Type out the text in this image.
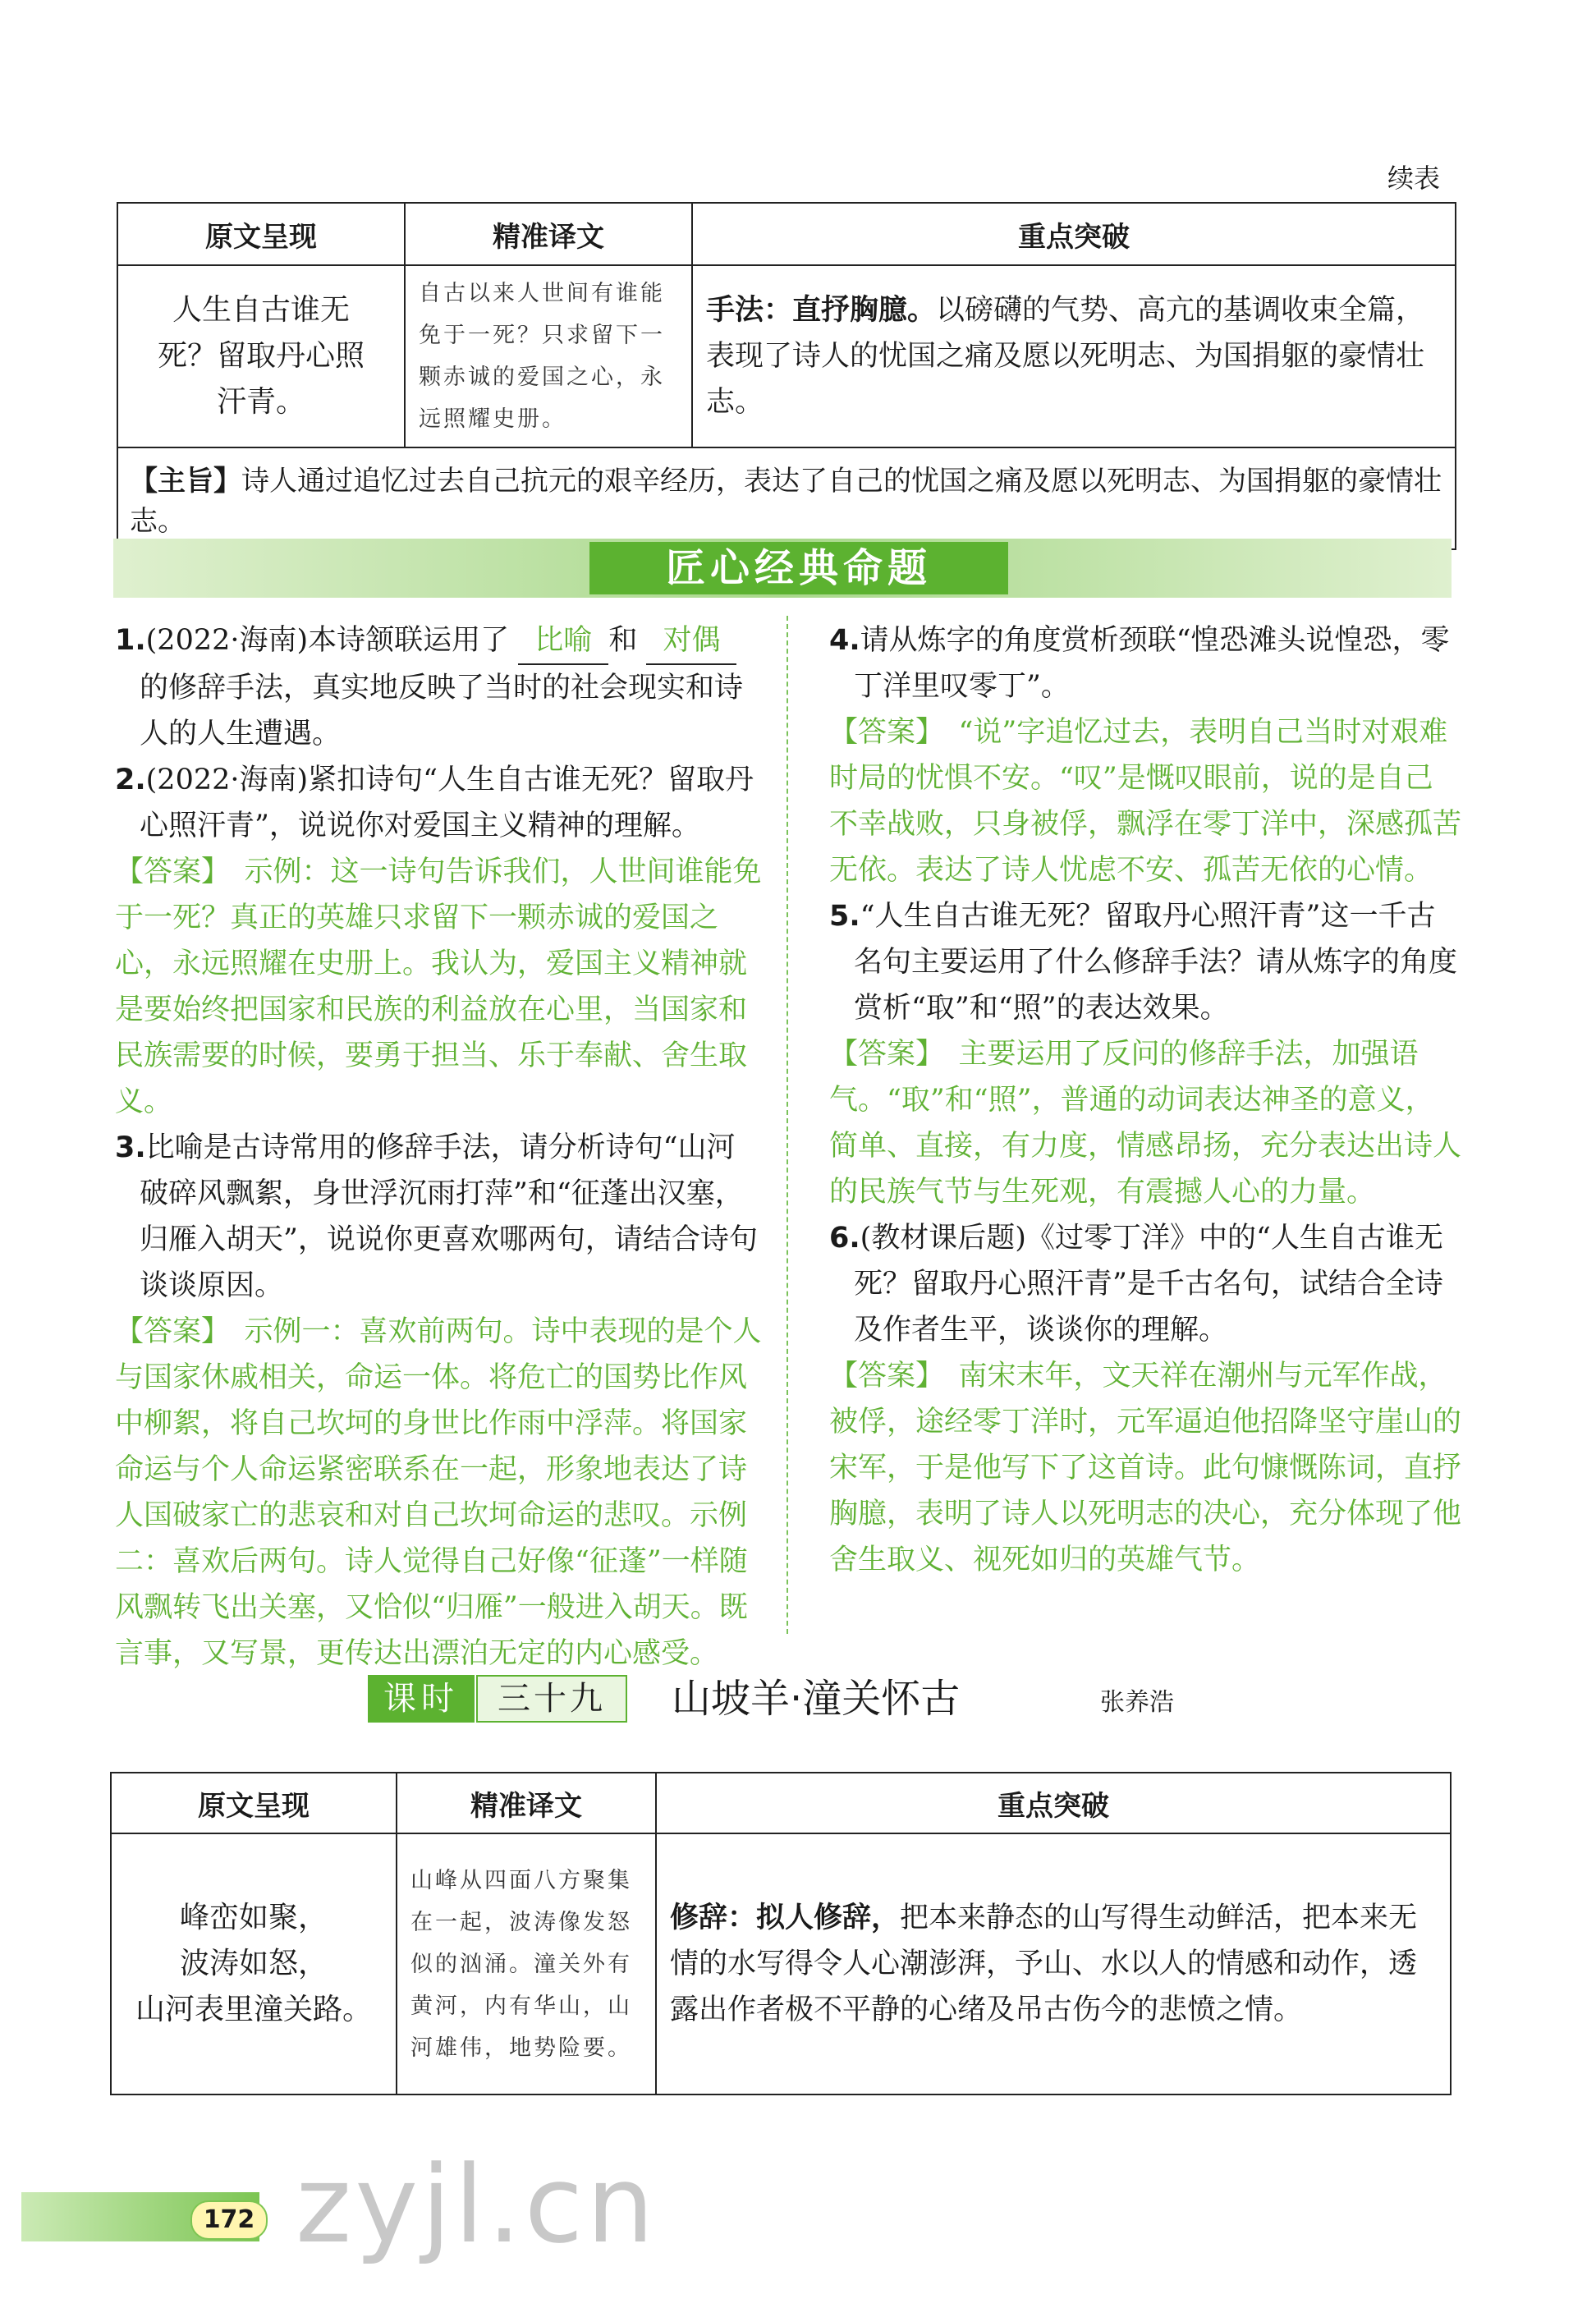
续表
原文呈现	精准译文	重点突破

人生自古谁无死？留取丹心照汗青。	自古以来人世间有谁能免于一死？只求留下一颗赤诚的爱国之心，永远照耀史册。	手法：直抒胸臆。以磅礴的气势、高亢的基调收束全篇，表现了诗人的忧国之痛及愿以死明志、为国捐躯的豪情壮志。
【主旨】诗人通过追忆过去自己抗元的艰辛经历，表达了自己的忧国之痛及愿以死明志、为国捐躯的豪情壮志。		
匠心经典命题

1.(2022·海南)本诗颔联运用了 比喻 和 对偶的修辞手法，真实地反映了当时的社会现实和诗人的人生遭遇。

2.(2022·海南)紧扣诗句“人生自古谁无死？留取丹心照汗青”，说说你对爱国主义精神的理解。

【答案】　示例：这一诗句告诉我们，人世间谁能免于一死？真正的英雄只求留下一颗赤诚的爱国之心，永远照耀在史册上。我认为，爱国主义精神就是要始终把国家和民族的利益放在心里，当国家和民族需要的时候，要勇于担当、乐于奉献、舍生取义。

3.比喻是古诗常用的修辞手法，请分析诗句“山河破碎风飘絮，身世浮沉雨打萍”和“征蓬出汉塞，归雁入胡天”，说说你更喜欢哪两句，请结合诗句谈谈原因。

【答案】　示例一：喜欢前两句。诗中表现的是个人与国家休戚相关，命运一体。将危亡的国势比作风中柳絮，将自己坎坷的身世比作雨中浮萍。将国家命运与个人命运紧密联系在一起，形象地表达了诗人国破家亡的悲哀和对自己坎坷命运的悲叹。示例二：喜欢后两句。诗人觉得自己好像“征蓬”一样随风飘转飞出关塞，又恰似“归雁”一般进入胡天。既言事，又写景，更传达出漂泊无定的内心感受。

4.请从炼字的角度赏析颈联“惶恐滩头说惶恐，零丁洋里叹零丁”。

【答案】　“说”字追忆过去，表明自己当时对艰难时局的忧惧不安。“叹”是慨叹眼前，说的是自己不幸战败，只身被俘，飘浮在零丁洋中，深感孤苦无依。表达了诗人忧虑不安、孤苦无依的心情。

5.“人生自古谁无死？留取丹心照汗青”这一千古名句主要运用了什么修辞手法？请从炼字的角度赏析“取”和“照”的表达效果。

【答案】　主要运用了反问的修辞手法，加强语气。“取”和“照”，普通的动词表达神圣的意义，简单、直接，有力度，情感昂扬，充分表达出诗人的民族气节与生死观，有震撼人心的力量。

6.(教材课后题)《过零丁洋》中的“人生自古谁无死？留取丹心照汗青”是千古名句，试结合全诗及作者生平，谈谈你的理解。

【答案】　南宋末年，文天祥在潮州与元军作战，被俘，途经零丁洋时，元军逼迫他招降坚守崖山的宋军，于是他写下了这首诗。此句慷慨陈词，直抒胸臆，表明了诗人以死明志的决心，充分体现了他舍生取义、视死如归的英雄气节。

课时	三十九	山坡羊·潼关怀古	张养浩
原文呈现	精准译文	重点突破

峰峦如聚，
波涛如怒，
山河表里潼关路。	山峰从四面八方聚集在一起，波涛像发怒似的汹涌。潼关外有黄河，内有华山，山河雄伟，地势险要。	修辞：拟人修辞，把本来静态的山写得生动鲜活，把本来无情的水写得令人心潮澎湃，予山、水以人的情感和动作，透露出作者极不平静的心绪及吊古伤今的悲愤之情。
172 zyjl.cn
